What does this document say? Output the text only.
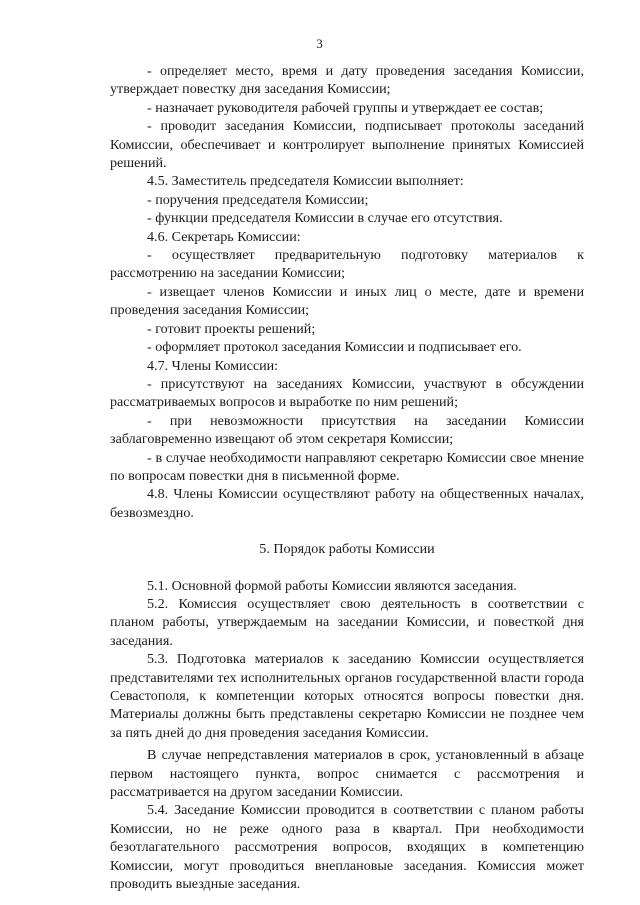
3

- определяет место, время и дату проведения заседания Комиссии, утверждает повестку дня заседания Комиссии;

- назначает руководителя рабочей группы и утверждает ее состав;

- проводит заседания Комиссии, подписывает протоколы заседаний Комиссии, обеспечивает и контролирует выполнение принятых Комиссией решений.

4.5. Заместитель председателя Комиссии выполняет:

- поручения председателя Комиссии;

- функции председателя Комиссии в случае его отсутствия.

4.6. Секретарь Комиссии:

- осуществляет предварительную подготовку материалов к рассмотрению на заседании Комиссии;

- извещает членов Комиссии и иных лиц о месте, дате и времени проведения заседания Комиссии;

- готовит проекты решений;

- оформляет протокол заседания Комиссии и подписывает его.

4.7. Члены Комиссии:

- присутствуют на заседаниях Комиссии, участвуют в обсуждении рассматриваемых вопросов и выработке по ним решений;

- при невозможности присутствия на заседании Комиссии заблаговременно извещают об этом секретаря Комиссии;

- в случае необходимости направляют секретарю Комиссии свое мнение по вопросам повестки дня в письменной форме.

4.8. Члены Комиссии осуществляют работу на общественных началах, безвозмездно.

5. Порядок работы Комиссии

5.1. Основной формой работы Комиссии являются заседания.

5.2. Комиссия осуществляет свою деятельность в соответствии с планом работы, утверждаемым на заседании Комиссии, и повесткой дня заседания.

5.3. Подготовка материалов к заседанию Комиссии осуществляется представителями тех исполнительных органов государственной власти города Севастополя, к компетенции которых относятся вопросы повестки дня. Материалы должны быть представлены секретарю Комиссии не позднее чем за пять дней до дня проведения заседания Комиссии.

В случае непредставления материалов в срок, установленный в абзаце первом настоящего пункта, вопрос снимается с рассмотрения и рассматривается на другом заседании Комиссии.

5.4. Заседание Комиссии проводится в соответствии с планом работы Комиссии, но не реже одного раза в квартал. При необходимости безотлагательного рассмотрения вопросов, входящих в компетенцию Комиссии, могут проводиться внеплановые заседания. Комиссия может проводить выездные заседания.
